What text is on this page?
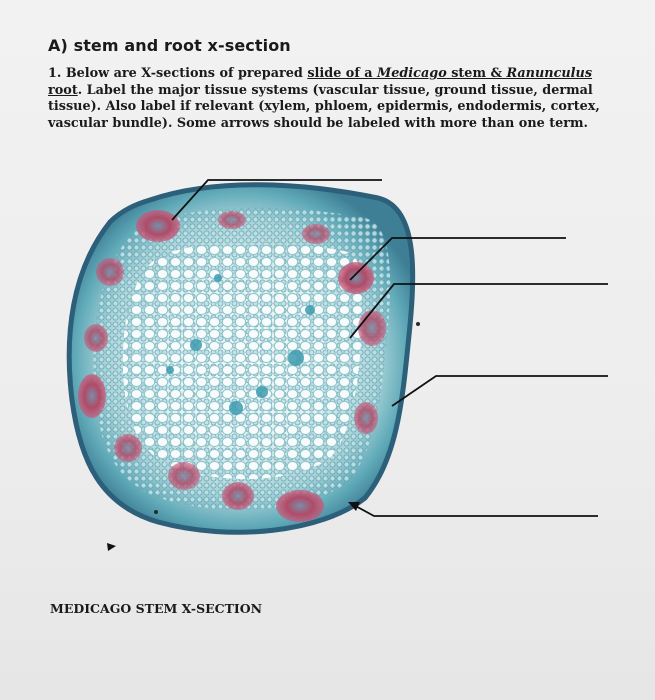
A) stem and root x-section

1. Below are X-sections of prepared slide of a Medicago stem & Ranunculus root. Label the major tissue systems (vascular tissue, ground tissue, dermal tissue). Also label if relevant (xylem, phloem, epidermis, endodermis, cortex, vascular bundle). Some arrows should be labeled with more than one term.

MEDICAGO STEM X-SECTION
